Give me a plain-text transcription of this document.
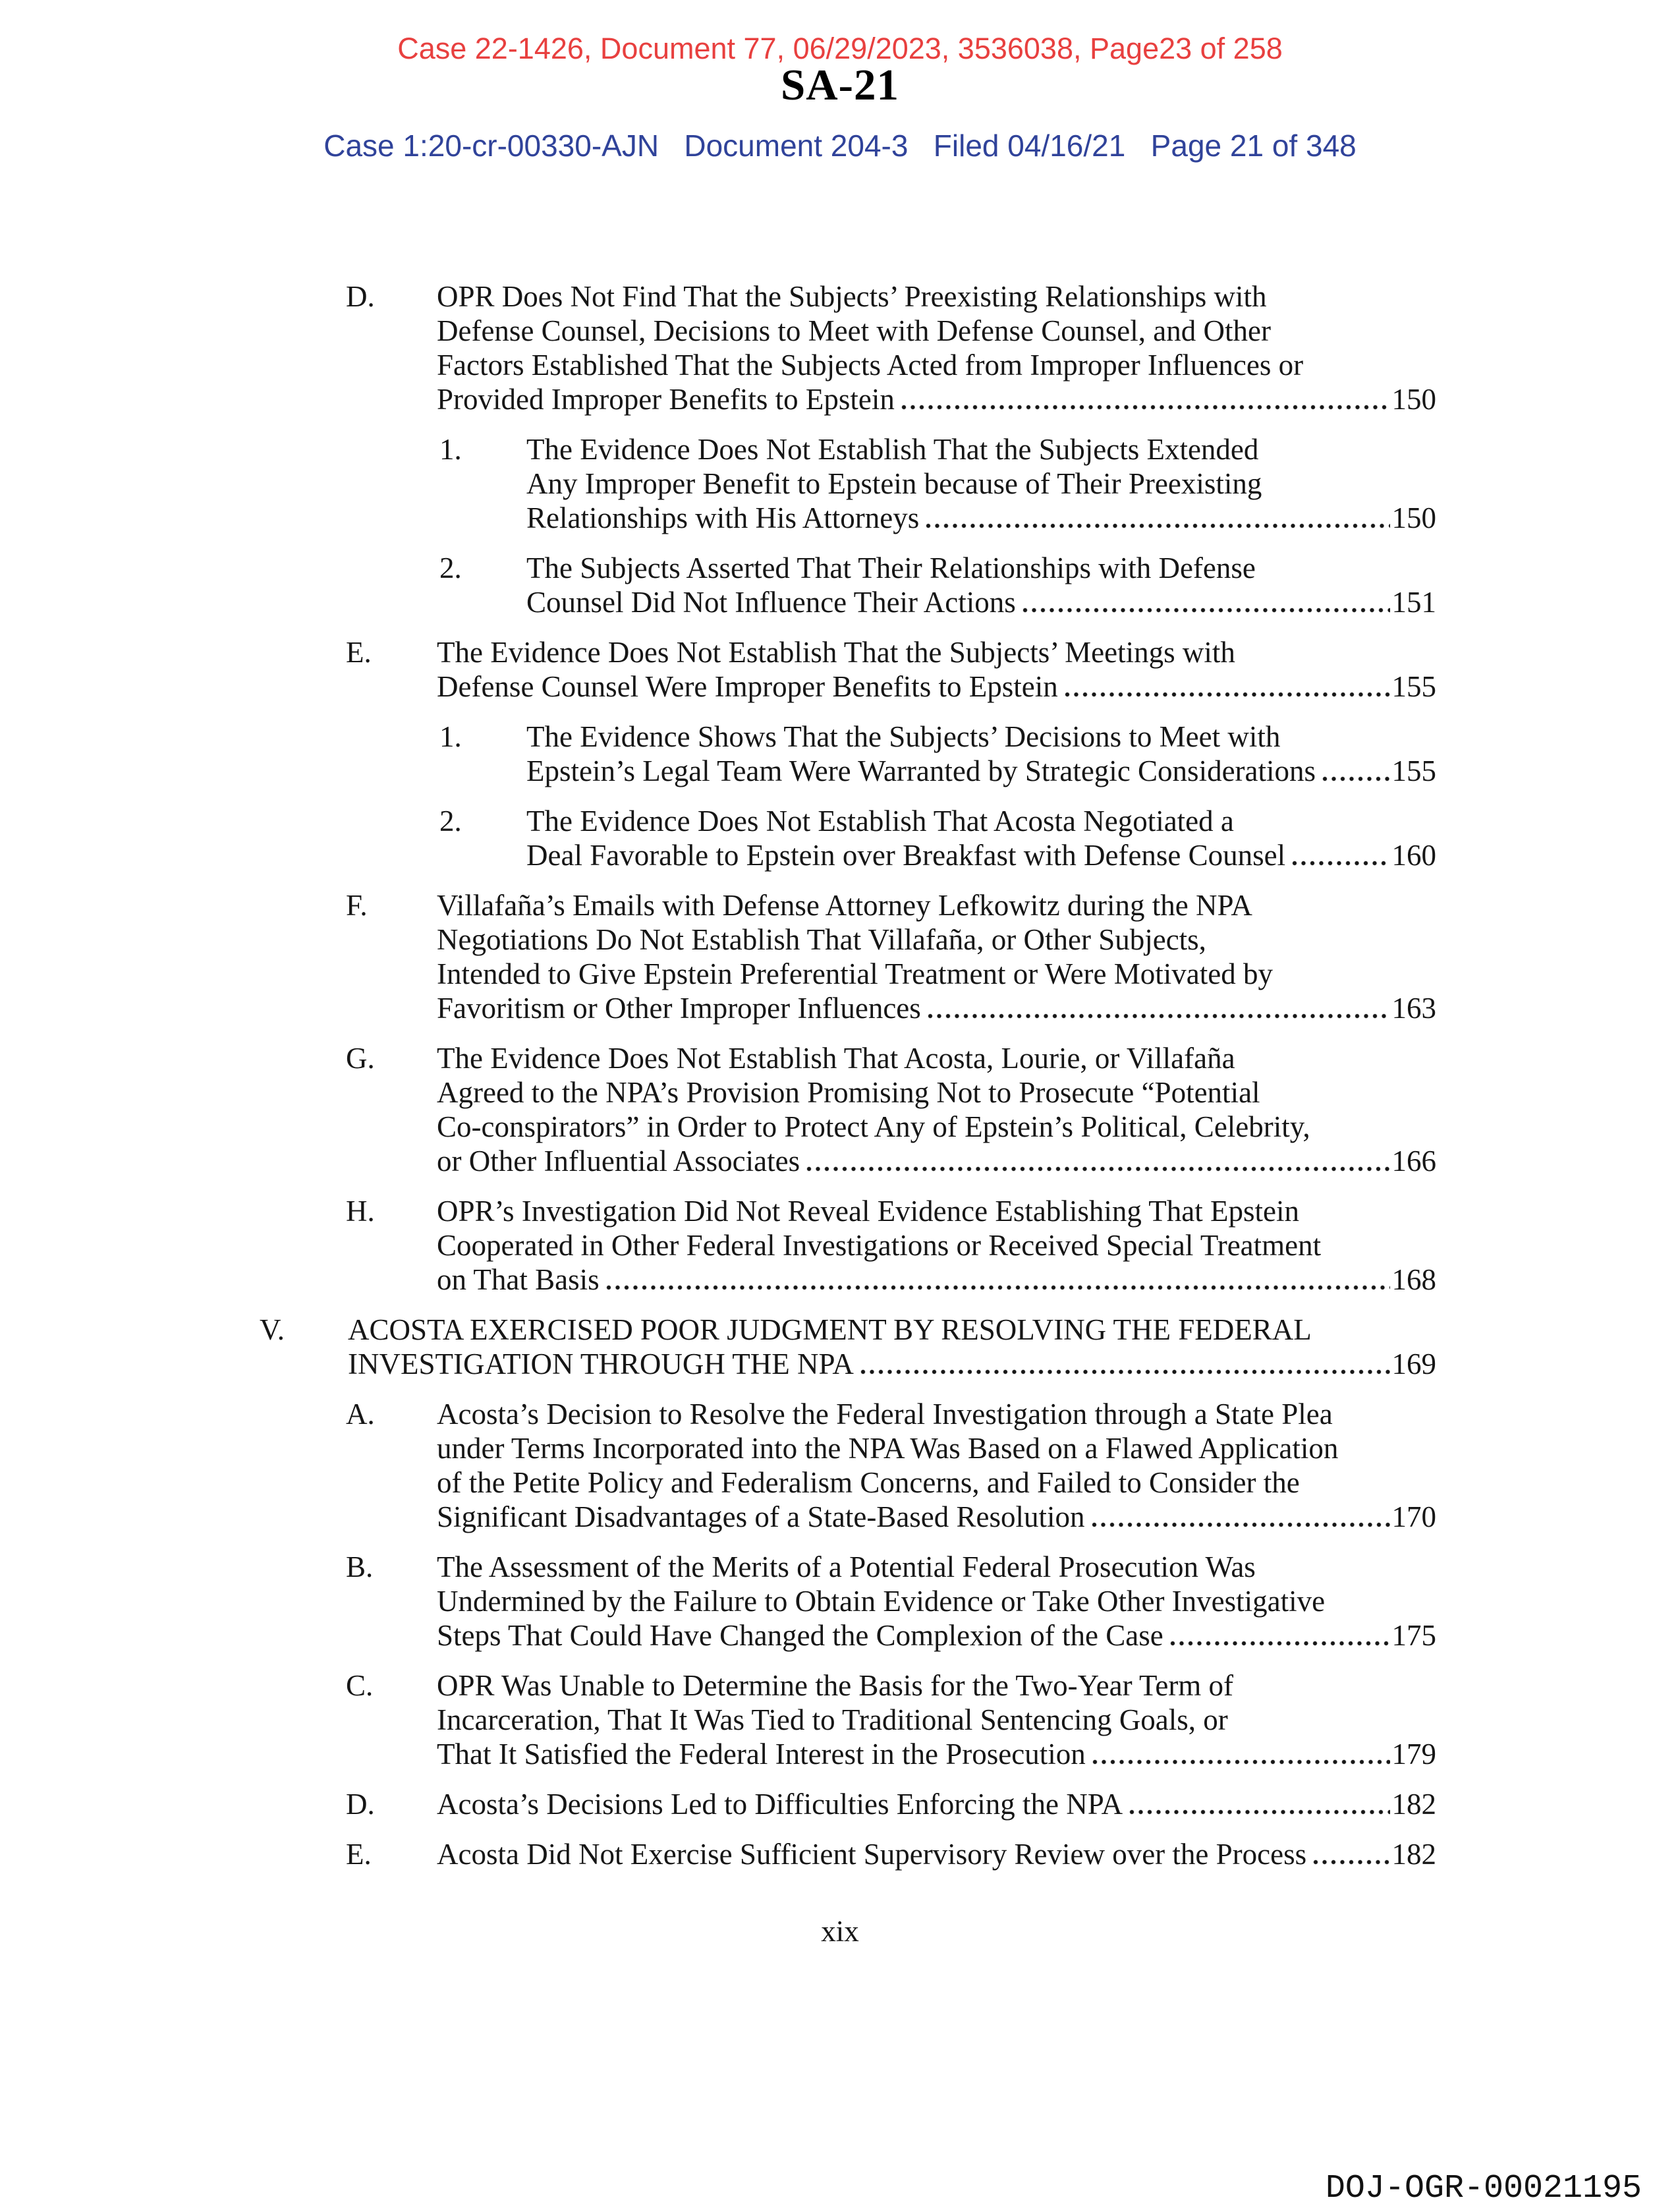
Case 22-1426, Document 77, 06/29/2023, 3536038, Page23 of 258
SA-21
Case 1:20-cr-00330-AJN   Document 204-3   Filed 04/16/21   Page 21 of 348
D.	OPR Does Not Find That the Subjects’ Preexisting Relationships with
Defense Counsel, Decisions to Meet with Defense Counsel, and Other
Factors Established That the Subjects Acted from Improper Influences or
Provided Improper Benefits to Epstein	150
1.	The Evidence Does Not Establish That the Subjects Extended
Any Improper Benefit to Epstein because of Their Preexisting
Relationships with His Attorneys	150
2.	The Subjects Asserted That Their Relationships with Defense
Counsel Did Not Influence Their Actions	151
E.	The Evidence Does Not Establish That the Subjects’ Meetings with
Defense Counsel Were Improper Benefits to Epstein	155
1.	The Evidence Shows That the Subjects’ Decisions to Meet with
Epstein’s Legal Team Were Warranted by Strategic Considerations	155
2.	The Evidence Does Not Establish That Acosta Negotiated a
Deal Favorable to Epstein over Breakfast with Defense Counsel	160
F.	Villafaña’s Emails with Defense Attorney Lefkowitz during the NPA
Negotiations Do Not Establish That Villafaña, or Other Subjects,
Intended to Give Epstein Preferential Treatment or Were Motivated by
Favoritism or Other Improper Influences	163
G.	The Evidence Does Not Establish That Acosta, Lourie, or Villafaña
Agreed to the NPA’s Provision Promising Not to Prosecute “Potential
Co-conspirators” in Order to Protect Any of Epstein’s Political, Celebrity,
or Other Influential Associates	166
H.	OPR’s Investigation Did Not Reveal Evidence Establishing That Epstein
Cooperated in Other Federal Investigations or Received Special Treatment
on That Basis	168
V.	ACOSTA EXERCISED POOR JUDGMENT BY RESOLVING THE FEDERAL
INVESTIGATION THROUGH THE NPA	169
A.	Acosta’s Decision to Resolve the Federal Investigation through a State Plea
under Terms Incorporated into the NPA Was Based on a Flawed Application
of the Petite Policy and Federalism Concerns, and Failed to Consider the
Significant Disadvantages of a State-Based Resolution	170
B.	The Assessment of the Merits of a Potential Federal Prosecution Was
Undermined by the Failure to Obtain Evidence or Take Other Investigative
Steps That Could Have Changed the Complexion of the Case	175
C.	OPR Was Unable to Determine the Basis for the Two-Year Term of
Incarceration, That It Was Tied to Traditional Sentencing Goals, or
That It Satisfied the Federal Interest in the Prosecution	179
D.	Acosta’s Decisions Led to Difficulties Enforcing the NPA	182
E.	Acosta Did Not Exercise Sufficient Supervisory Review over the Process	182
xix
DOJ-OGR-00021195
